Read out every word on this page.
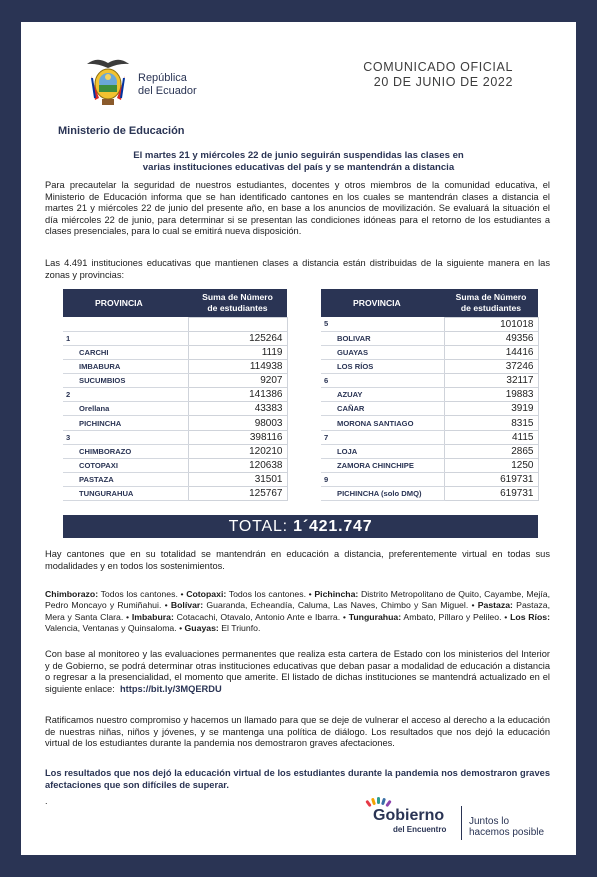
República
del Ecuador
COMUNICADO OFICIAL
20 DE JUNIO DE 2022
Ministerio de Educación
El martes 21 y miércoles 22 de junio seguirán suspendidas las clases en
varias instituciones educativas del país y se mantendrán a distancia

Para precautelar la seguridad de nuestros estudiantes, docentes y otros miembros de la comunidad educativa, el Ministerio de Educación informa que se han identificado cantones en los cuales se mantendrán clases a distancia el martes 21 y miércoles 22 de junio del presente año, en base a los anuncios de movilización. Se evaluará la situación el día miércoles 22 de junio, para determinar si se presentan las condiciones idóneas para el retorno de los estudiantes a clases presenciales, para lo cual se emitirá nueva disposición.

Las 4.491 instituciones educativas que mantienen clases a distancia están distribuidas de la siguiente manera en las zonas y provincias:

PROVINCIA	Suma de Número
de estudiantes

1	125264
CARCHI	1119
IMBABURA	114938
SUCUMBIOS	9207
2	141386
Orellana	43383
PICHINCHA	98003
3	398116
CHIMBORAZO	120210
COTOPAXI	120638
PASTAZA	31501
TUNGURAHUA	125767
PROVINCIA	Suma de Número
de estudiantes
5	101018
BOLIVAR	49356
GUAYAS	14416
LOS RÍOS	37246
6	32117
AZUAY	19883
CAÑAR	3919
MORONA SANTIAGO	8315
7	4115
LOJA	2865
ZAMORA CHINCHIPE	1250
9	619731
PICHINCHA (solo DMQ)	619731
TOTAL: 1´421.747

Hay cantones que en su totalidad se mantendrán en educación a distancia, preferentemente virtual en todas sus modalidades y en todos los sostenimientos.

Chimborazo: Todos los cantones. • Cotopaxi: Todos los cantones. • Pichincha: Distrito Metropolitano de Quito, Cayambe, Mejía, Pedro Moncayo y Rumiñahui. • Bolívar: Guaranda, Echeandía, Caluma, Las Naves, Chimbo y San Miguel. • Pastaza: Pastaza, Mera y Santa Clara. • Imbabura: Cotacachi, Otavalo, Antonio Ante e Ibarra. • Tungurahua: Ambato, Píllaro y Pelileo. • Los Ríos: Valencia, Ventanas y Quinsaloma. • Guayas: El Triunfo.

Con base al monitoreo y las evaluaciones permanentes que realiza esta cartera de Estado con los ministerios del Interior y de Gobierno, se podrá determinar otras instituciones educativas que deban pasar a modalidad de educación a distancia o regresar a la presencialidad, el momento que amerite. El listado de dichas instituciones se mantendrá actualizado en el siguiente enlace: https://bit.ly/3MQERDU

Ratificamos nuestro compromiso y hacemos un llamado para que se deje de vulnerar el acceso al derecho a la educación de nuestras niñas, niños y jóvenes, y se mantenga una política de diálogo. Los resultados que nos dejó la educación virtual de los estudiantes durante la pandemia nos demostraron graves afectaciones.

Los resultados que nos dejó la educación virtual de los estudiantes durante la pandemia nos demostraron graves afectaciones que son difíciles de superar.

.
Gobierno
del Encuentro
Juntos lo
hacemos posible
